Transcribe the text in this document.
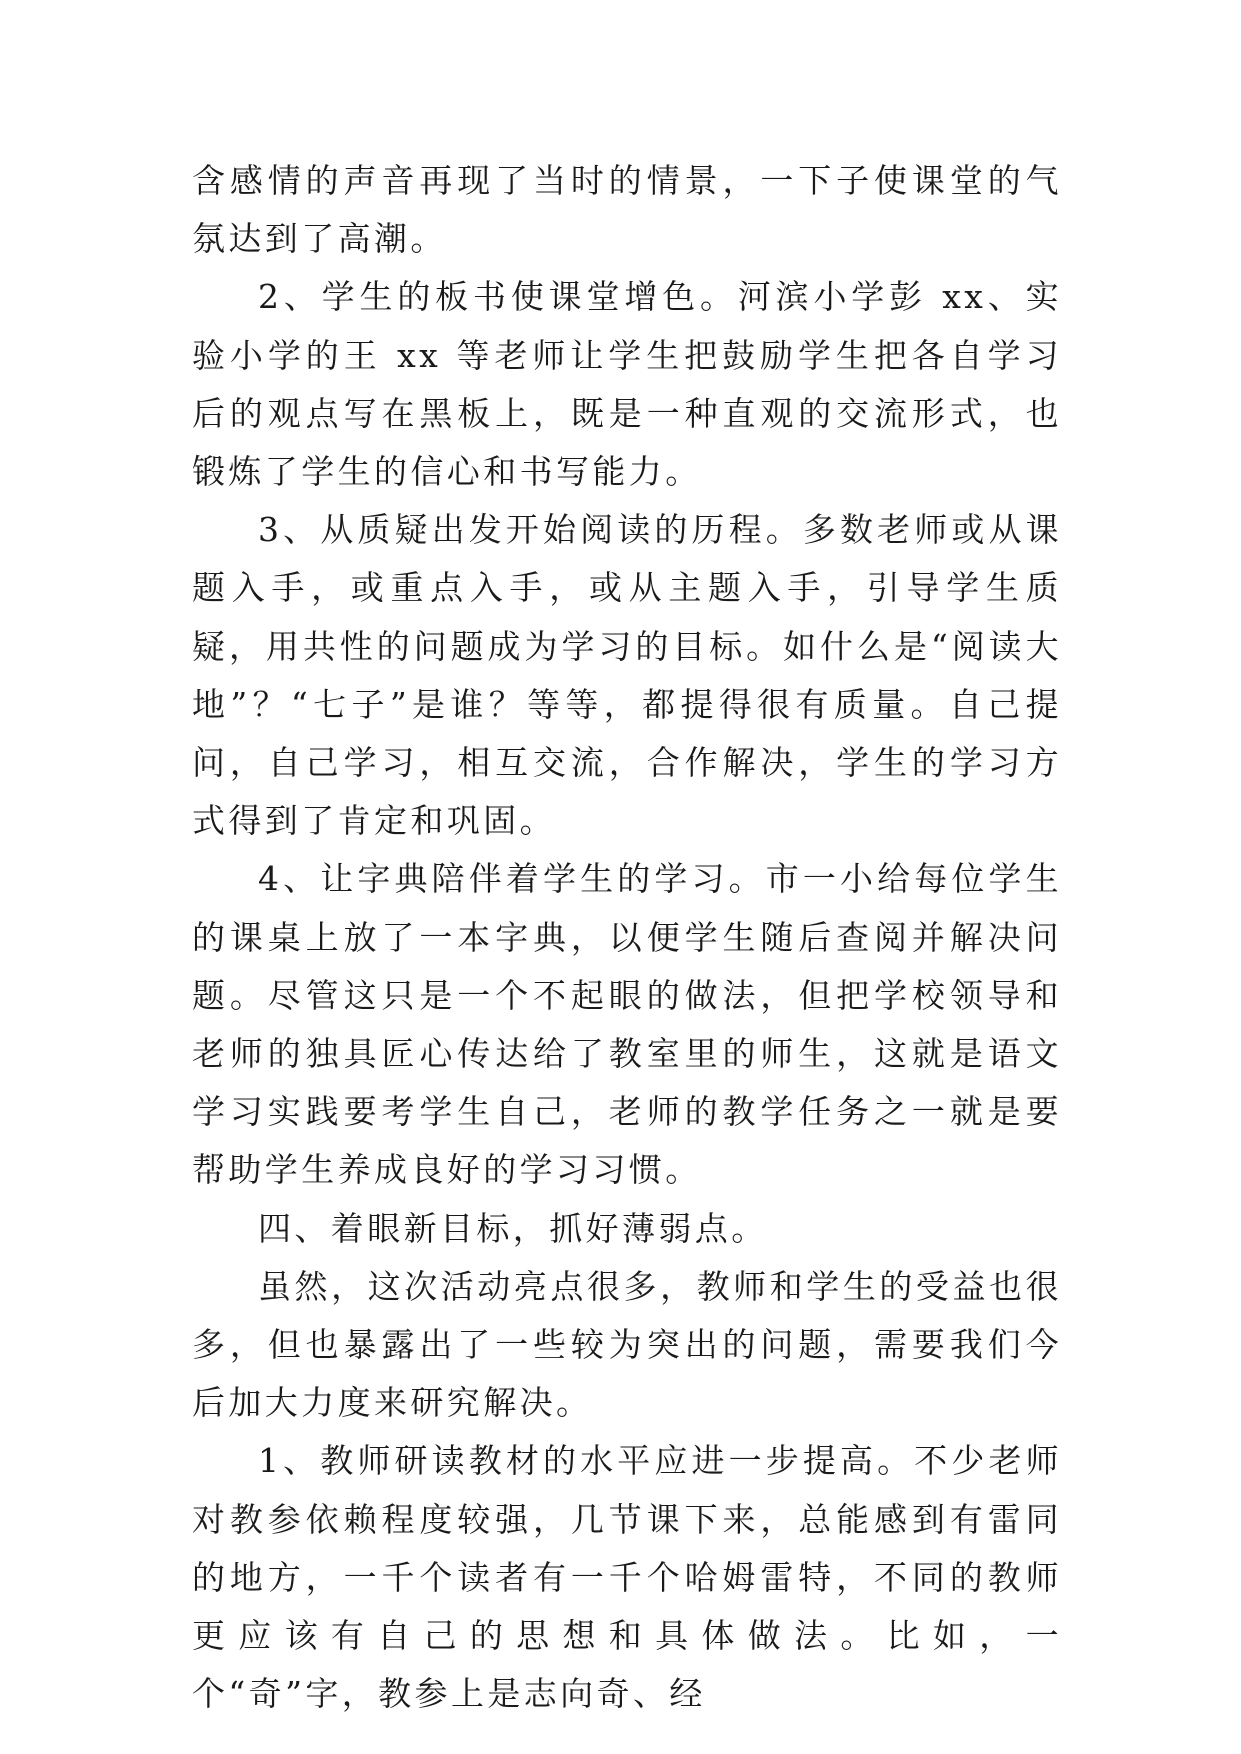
含感情的声音再现了当时的情景，一下子使课堂的气氛达到了高潮。

2、学生的板书使课堂增色。河滨小学彭 xx、实验小学的王 xx 等老师让学生把鼓励学生把各自学习后的观点写在黑板上，既是一种直观的交流形式，也锻炼了学生的信心和书写能力。

3、从质疑出发开始阅读的历程。多数老师或从课题入手，或重点入手，或从主题入手，引导学生质疑，用共性的问题成为学习的目标。如什么是“阅读大地”？“七子”是谁？等等，都提得很有质量。自己提问，自己学习，相互交流，合作解决，学生的学习方式得到了肯定和巩固。

4、让字典陪伴着学生的学习。市一小给每位学生的课桌上放了一本字典，以便学生随后查阅并解决问题。尽管这只是一个不起眼的做法，但把学校领导和老师的独具匠心传达给了教室里的师生，这就是语文学习实践要考学生自己，老师的教学任务之一就是要帮助学生养成良好的学习习惯。

四、着眼新目标，抓好薄弱点。

虽然，这次活动亮点很多，教师和学生的受益也很多，但也暴露出了一些较为突出的问题，需要我们今后加大力度来研究解决。

1、教师研读教材的水平应进一步提高。不少老师对教参依赖程度较强，几节课下来，总能感到有雷同的地方，一千个读者有一千个哈姆雷特，不同的教师更应该有自己的思想和具体做法。比如，一个“奇”字，教参上是志向奇、经
